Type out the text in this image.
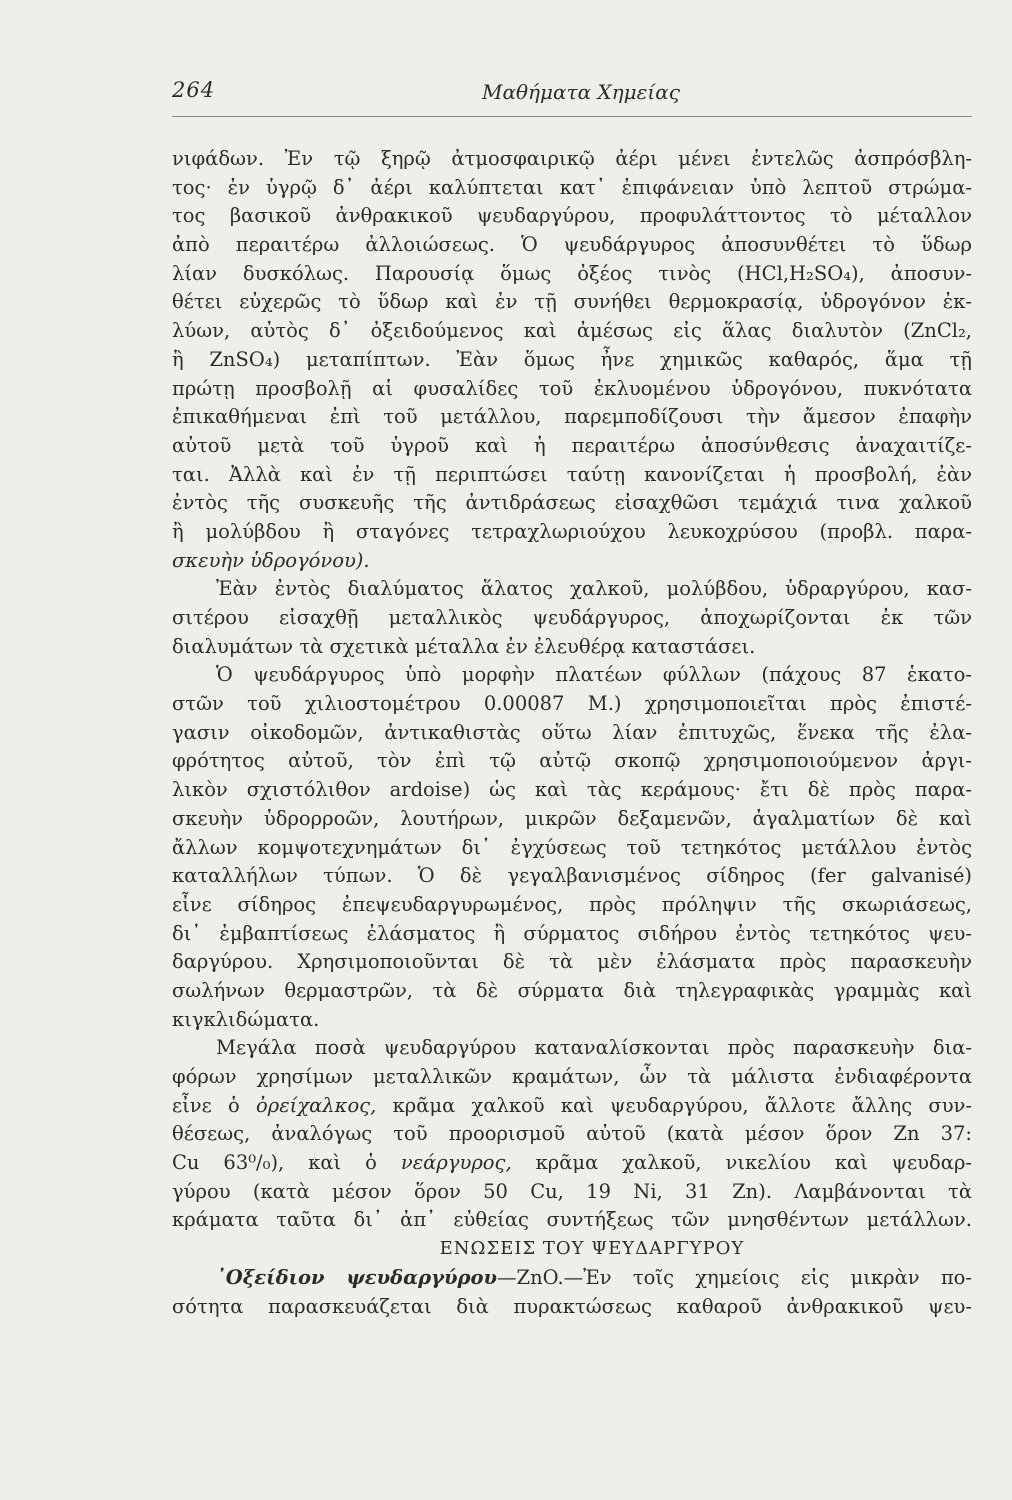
264	Μαθήματα Χημείας
νιφάδων. Ἐν τῷ ξηρῷ ἀτμοσφαιρικῷ ἀέρι μένει ἐντελῶς ἀσπρόσβλη-
τος· ἐν ὑγρῷ δ᾽ ἀέρι καλύπτεται κατ᾽ ἐπιφάνειαν ὑπὸ λεπτοῦ στρώμα-
τος βασικοῦ ἀνθρακικοῦ ψευδαργύρου, προφυλάττοντος τὸ μέταλλον
ἀπὸ περαιτέρω ἀλλοιώσεως. Ὁ ψευδάργυρος ἀποσυνθέτει τὸ ὕδωρ
λίαν δυσκόλως. Παρουσίᾳ ὅμως ὀξέος τινὸς (HCl,H₂SO₄), ἀποσυν-
θέτει εὐχερῶς τὸ ὕδωρ καὶ ἐν τῇ συνήθει θερμοκρασίᾳ, ὑδρογόνον ἐκ-
λύων, αὐτὸς δ᾽ ὀξειδούμενος καὶ ἀμέσως εἰς ἅλας διαλυτὸν (ZnCl₂,
ἢ ZnSO₄) μεταπίπτων. Ἐὰν ὅμως ἦνε χημικῶς καθαρός, ἅμα τῇ
πρώτῃ προσβολῇ αἱ φυσαλίδες τοῦ ἐκλυομένου ὑδρογόνου, πυκνότατα
ἐπικαθήμεναι ἐπὶ τοῦ μετάλλου, παρεμποδίζουσι τὴν ἄμεσον ἐπαφὴν
αὐτοῦ μετὰ τοῦ ὑγροῦ καὶ ἡ περαιτέρω ἀποσύνθεσις ἀναχαιτίζε-
ται. Ἀλλὰ καὶ ἐν τῇ περιπτώσει ταύτῃ κανονίζεται ἡ προσβολή, ἐὰν
ἐντὸς τῆς συσκευῆς τῆς ἀντιδράσεως εἰσαχθῶσι τεμάχιά τινα χαλκοῦ
ἢ μολύβδου ἢ σταγόνες τετραχλωριούχου λευκοχρύσου (προβλ. παρα-
σκευὴν ὑδρογόνου).
Ἐὰν ἐντὸς διαλύματος ἅλατος χαλκοῦ, μολύβδου, ὑδραργύρου, κασ-
σιτέρου εἰσαχθῇ μεταλλικὸς ψευδάργυρος, ἀποχωρίζονται ἐκ τῶν
διαλυμάτων τὰ σχετικὰ μέταλλα ἐν ἐλευθέρᾳ καταστάσει.
Ὁ ψευδάργυρος ὑπὸ μορφὴν πλατέων φύλλων (πάχους 87 ἑκατο-
στῶν τοῦ χιλιοστομέτρου 0.00087 M.) χρησιμοποιεῖται πρὸς ἐπιστέ-
γασιν οἰκοδομῶν, ἀντικαθιστὰς οὕτω λίαν ἐπιτυχῶς, ἕνεκα τῆς ἐλα-
φρότητος αὐτοῦ, τὸν ἐπὶ τῷ αὐτῷ σκοπῷ χρησιμοποιούμενον ἀργι-
λικὸν σχιστόλιθον ardoise) ὡς καὶ τὰς κεράμους· ἔτι δὲ πρὸς παρα-
σκευὴν ὑδρορροῶν, λουτήρων, μικρῶν δεξαμενῶν, ἀγαλματίων δὲ καὶ
ἄλλων κομψοτεχνημάτων δι᾽ ἐγχύσεως τοῦ τετηκότος μετάλλου ἐντὸς
καταλλήλων τύπων. Ὁ δὲ γεγαλβανισμένος σίδηρος (fer galvanisé)
εἶνε σίδηρος ἐπεψευδαργυρωμένος, πρὸς πρόληψιν τῆς σκωριάσεως,
δι᾽ ἐμβαπτίσεως ἐλάσματος ἢ σύρματος σιδήρου ἐντὸς τετηκότος ψευ-
δαργύρου. Χρησιμοποιοῦνται δὲ τὰ μὲν ἐλάσματα πρὸς παρασκευὴν
σωλήνων θερμαστρῶν, τὰ δὲ σύρματα διὰ τηλεγραφικὰς γραμμὰς καὶ
κιγκλιδώματα.
Μεγάλα ποσὰ ψευδαργύρου καταναλίσκονται πρὸς παρασκευὴν δια-
φόρων χρησίμων μεταλλικῶν κραμάτων, ὧν τὰ μάλιστα ἐνδιαφέροντα
εἶνε ὁ ὀρείχαλκος, κρᾶμα χαλκοῦ καὶ ψευδαργύρου, ἄλλοτε ἄλλης συν-
θέσεως, ἀναλόγως τοῦ προορισμοῦ αὐτοῦ (κατὰ μέσον ὅρον Zn 37:
Cu 63⁰/₀), καὶ ὁ νεάργυρος, κρᾶμα χαλκοῦ, νικελίου καὶ ψευδαρ-
γύρου (κατὰ μέσον ὅρον 50 Cu, 19 Ni, 31 Zn). Λαμβάνονται τὰ
κράματα ταῦτα δι᾽ ἀπ᾽ εὐθείας συντήξεως τῶν μνησθέντων μετάλλων.
ΕΝΩΣΕΙΣ ΤΟΥ ΨΕΥΔΑΡΓΥΡΟΥ
᾽Οξείδιον ψευδαργύρου—ZnO.—Ἐν τοῖς χημείοις εἰς μικρὰν πο-
σότητα παρασκευάζεται διὰ πυρακτώσεως καθαροῦ ἀνθρακικοῦ ψευ-
